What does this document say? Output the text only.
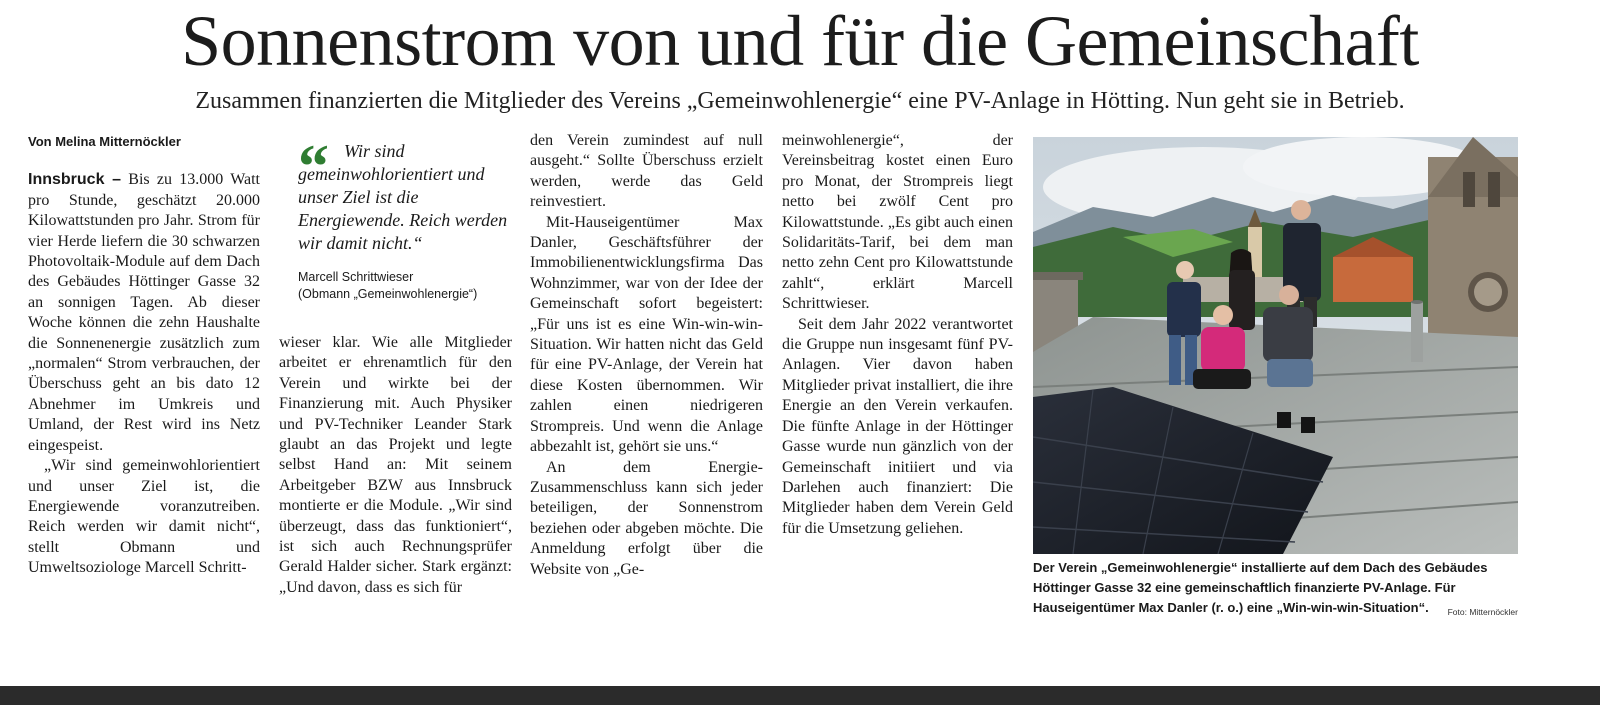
Sonnenstrom von und für die Gemeinschaft
Zusammen finanzierten die Mitglieder des Vereins „Gemeinwohlenergie“ eine PV-Anlage in Hötting. Nun geht sie in Betrieb.
Von Melina Mitternöckler

Innsbruck – Bis zu 13.000 Watt pro Stunde, geschätzt 20.000 Kilowattstunden pro Jahr. Strom für vier Herde liefern die 30 schwarzen Photovoltaik-Module auf dem Dach des Gebäudes Höttinger Gasse 32 an sonnigen Tagen. Ab dieser Woche können die zehn Haushalte die Sonnenenergie zusätzlich zum „normalen“ Strom verbrauchen, der Überschuss geht an bis dato 12 Abnehmer im Umkreis und Umland, der Rest wird ins Netz eingespeist.

„Wir sind gemeinwohlorientiert und unser Ziel ist, die Energiewende voranzutreiben. Reich werden wir damit nicht“, stellt Obmann und Umweltsoziologe Marcell Schritt-

“ Wir sind gemeinwohlorientiert und unser Ziel ist die Energiewende. Reich werden wir damit nicht.“

Marcell Schrittwieser
(Obmann „Gemeinwohlenergie“)

wieser klar. Wie alle Mitglieder arbeitet er ehrenamtlich für den Verein und wirkte bei der Finanzierung mit. Auch Physiker und PV-Techniker Leander Stark glaubt an das Projekt und legte selbst Hand an: Mit seinem Arbeitgeber BZW aus Innsbruck montierte er die Module. „Wir sind überzeugt, dass das funktioniert“, ist sich auch Rechnungsprüfer Gerald Halder sicher. Stark ergänzt: „Und davon, dass es sich für

den Verein zumindest auf null ausgeht.“ Sollte Überschuss erzielt werden, werde das Geld reinvestiert.

Mit-Hauseigentümer Max Danler, Geschäftsführer der Immobilienentwicklungsfirma Das Wohnzimmer, war von der Idee der Gemeinschaft sofort begeistert: „Für uns ist es eine Win-win-win-Situation. Wir hatten nicht das Geld für eine PV-Anlage, der Verein hat diese Kosten übernommen. Wir zahlen einen niedrigeren Strompreis. Und wenn die Anlage abbezahlt ist, gehört sie uns.“

An dem Energie-Zusammenschluss kann sich jeder beteiligen, der Sonnenstrom beziehen oder abgeben möchte. Die Anmeldung erfolgt über die Website von „Ge-

meinwohlenergie“, der Vereinsbeitrag kostet einen Euro pro Monat, der Strompreis liegt netto bei zwölf Cent pro Kilowattstunde. „Es gibt auch einen Solidaritäts-Tarif, bei dem man netto zehn Cent pro Kilowattstunde zahlt“, erklärt Marcell Schrittwieser.

Seit dem Jahr 2022 verantwortet die Gruppe nun insgesamt fünf PV-Anlagen. Vier davon haben Mitglieder privat installiert, die ihre Energie an den Verein verkaufen. Die fünfte Anlage in der Höttinger Gasse wurde nun gänzlich von der Gemeinschaft initiiert und via Darlehen auch finanziert: Die Mitglieder haben dem Verein Geld für die Umsetzung geliehen.

Der Verein „Gemeinwohlenergie“ installierte auf dem Dach des Gebäudes Höttinger Gasse 32 eine gemeinschaftlich finanzierte PV-Anlage. Für Hauseigentümer Max Danler (r. o.) eine „Win-win-win-Situation“. Foto: Mitternöckler
